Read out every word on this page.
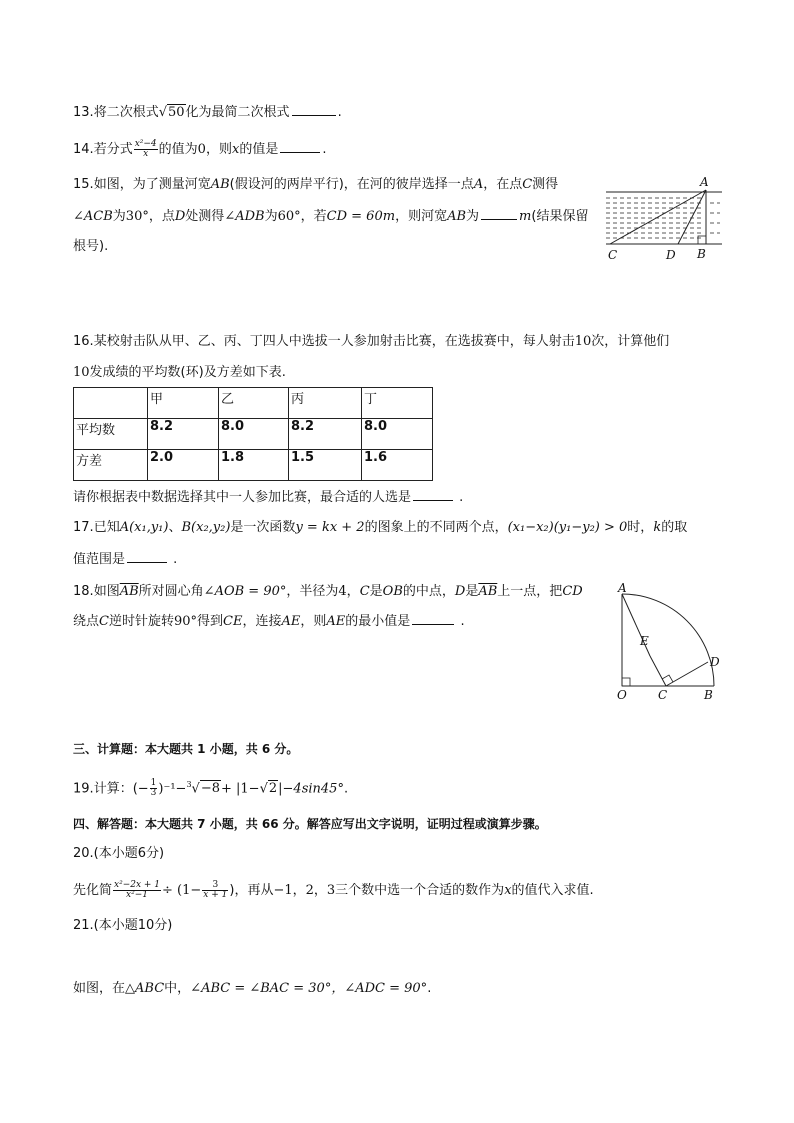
13.将二次根式√50化为最简二次根式	.
14.若分式 $\frac{\text{x²−4}}{x}$ 的值为0，则x的值是	.
15.如图，为了测量河宽AB(假设河的两岸平行)，在河的彼岸选择一点A，在点C测得
∠ACB为30°，点D处测得∠ADB为60°，若CD = 60m，则河宽AB为	m(结果保留
根号).
A
C	D B
16.某校射击队从甲、乙、丙、丁四人中选拔一人参加射击比赛，在选拔赛中，每人射击10次，计算他们
10发成绩的平均数(环)及方差如下表.
	甲	乙	丙	丁
平均数	8.2	8.0	8.2	8.0
方差	2.0	1.8	1.5	1.6
请你根据表中数据选择其中一人参加比赛，最合适的人选是	.
17.已知A(x₁,y₁)、B(x₂,y₂)是一次函数y = kx + 2的图象上的不同两个点，(x₁−x₂)(y₁−y₂) > 0时，k的取
值范围是	.
18.如图$\overline{AB}$所对圆心角∠AOB = 90°，半径为4，C是OB的中点，D是$\overline{AB}$上一点，把CD
绕点C逆时针旋转90°得到CE，连接AE，则AE的最小值是	.
A
E
D
O	C	B
三、计算题：本大题共 1 小题，共 6 分。
19.计算：(− $\frac{1}{3} )^{-1}-^3√-8+ |1-√2|-4\sin 45^\circ$.
四、解答题：本大题共 7 小题，共 66 分。解答应写出文字说明，证明过程或演算步骤。
20.(本小题6分)
先化简 $\frac{\text{x²−2x + 1}}{\text{x²−1}} \div (1- \frac{3}{x + 1}$ )，再从−1，2，3三个数中选一个合适的数作为x的值代入求值.
21.(本小题10分)
如图，在△ABC中，∠ABC = ∠BAC = 30°，∠ADC = 90°.
